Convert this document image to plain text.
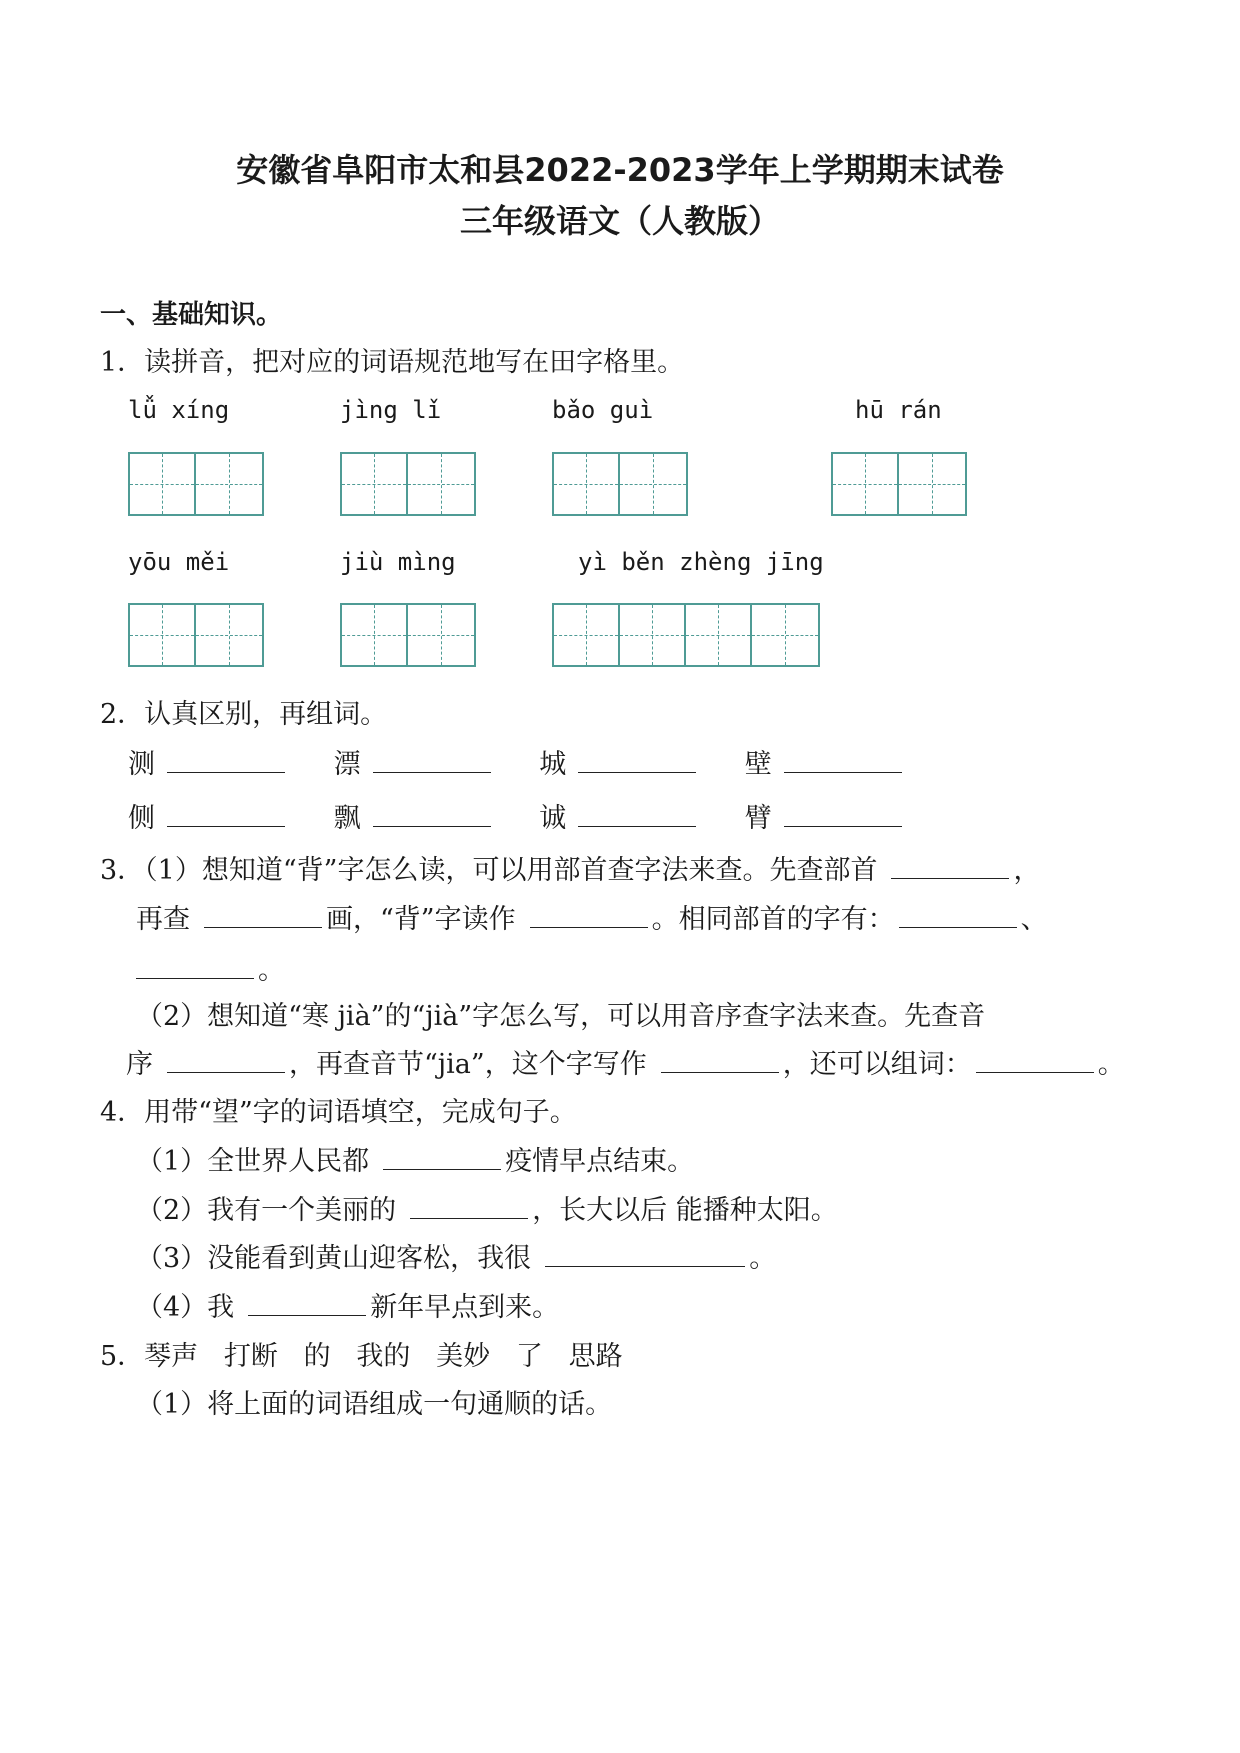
安徽省阜阳市太和县2022-2023学年上学期期末试卷
三年级语文（人教版）
一、基础知识。
1．读拼音，把对应的词语规范地写在田字格里。
lǚ xíng	jìng lǐ	bǎo guì	hū rán
yōu měi	jiù mìng	yì běn zhèng jīng
2．认真区别，再组词。
测	漂	城	壁
侧	飘	诚	臂
3．（1）想知道“背”字怎么读，可以用部首查字法来查。先查部首	，
再查	画，“背”字读作	。相同部首的字有：	、
。
（2）想知道“寒 jià”的“jià”字怎么写，可以用音序查字法来查。先查音
序	，再查音节“jia”，这个字写作	，还可以组词：	。
4．用带“望”字的词语填空，完成句子。
（1）全世界人民都	疫情早点结束。
（2）我有一个美丽的	，长大以后 能播种太阳。
（3）没能看到黄山迎客松，我很	。
（4）我	新年早点到来。
5．琴声   打断   的   我的   美妙   了   思路
（1）将上面的词语组成一句通顺的话。
